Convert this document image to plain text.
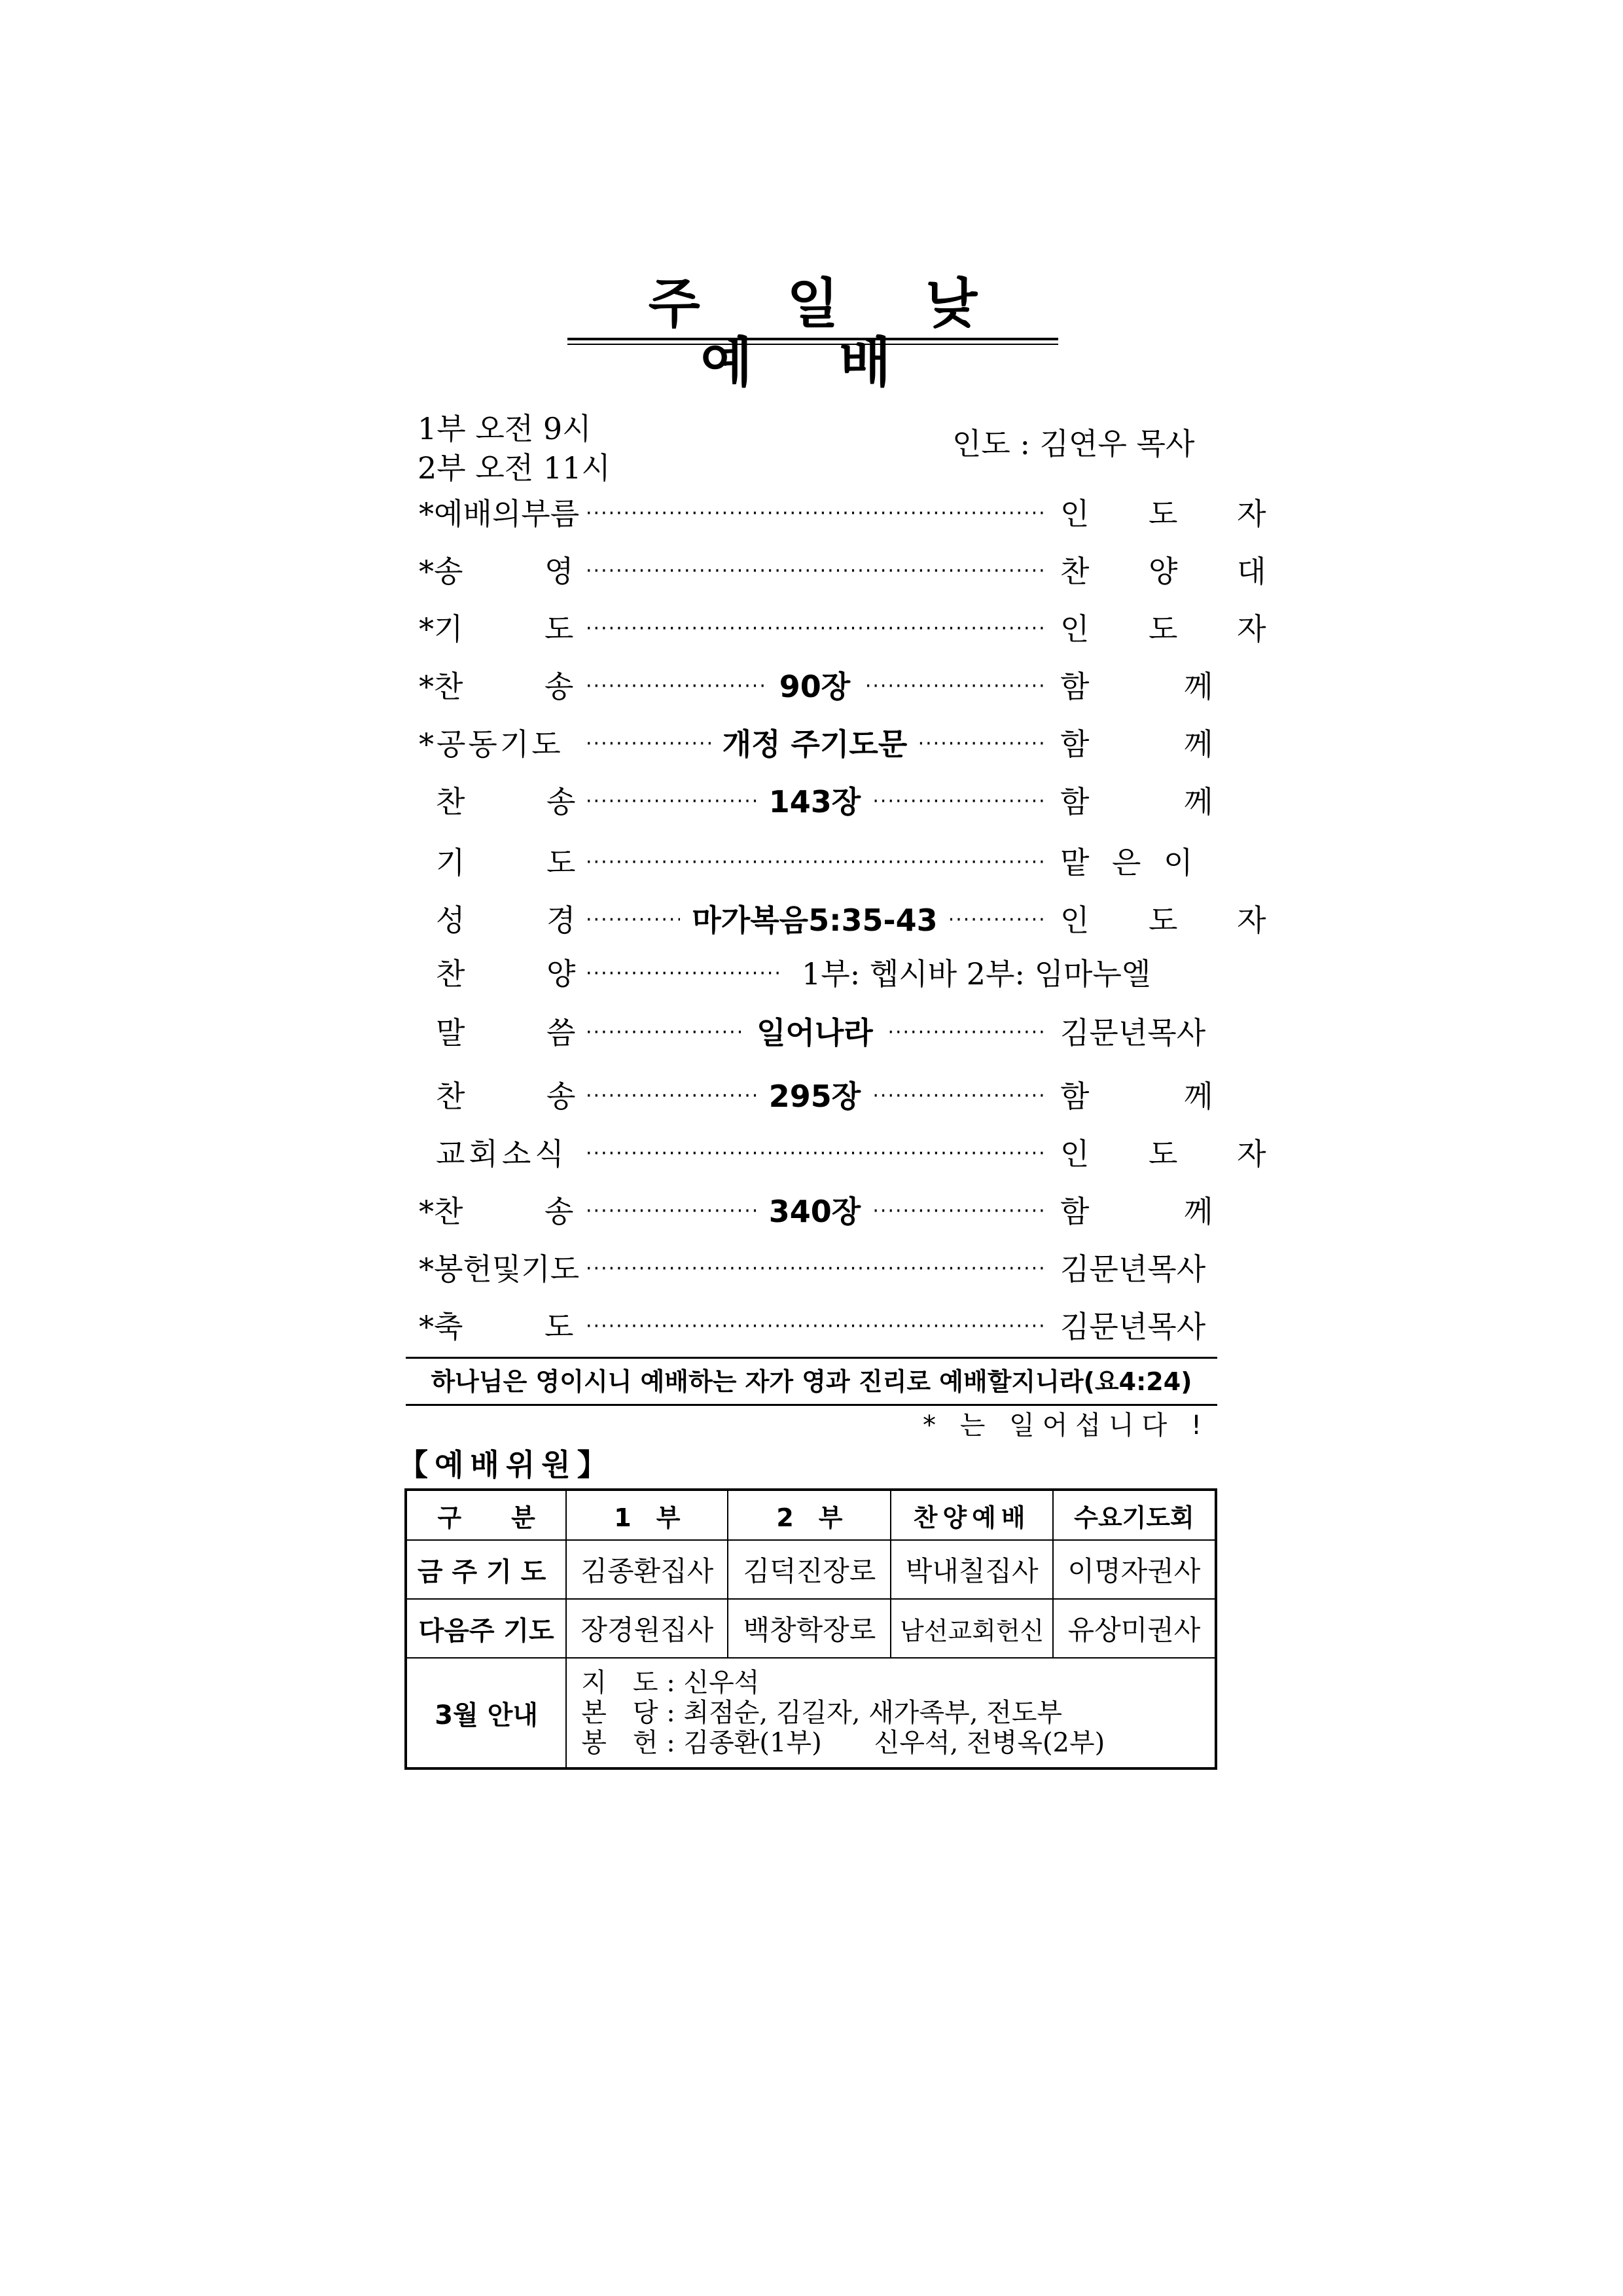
주 일 낮 예 배
1부 오전 9시
2부 오전 11시
인도 : 김연우 목사
*예배의부름 ·····	인 도 자
*송 영 ·····	찬 양 대
*기 도 ·····	인 도 자
*찬 송 ·····	90장	함 께
*공동기도 ·····	개정 주기도문	함 께
찬 송 ·····	143장	함 께
기 도 ·····	맡 은 이
성 경 ·····	마가복음5:35-43	인 도 자
찬 양 ·····	1부: 헵시바 2부: 임마누엘
말 씀 ·····	일어나라	김문년목사
찬 송 ·····	295장	함 께
교회소식 ·····	인 도 자
*찬 송 ·····	340장	함 께
*봉헌및기도 ·····	김문년목사
*축 도 ·····	김문년목사
하나님은 영이시니 예배하는 자가 영과 진리로 예배할지니라(요4:24)
* 는 일어섭니다 !
【예배위원】
구　　분	1　부	2　부	찬양예배	수요기도회
금주기도	김종환집사	김덕진장로	박내칠집사	이명자권사
다음주 기도	장경원집사	백창학장로	남선교회헌신	유상미권사
3월 안내	지　도 : 신우석
본　당 : 최점순, 김길자, 새가족부, 전도부
봉　헌 : 김종환(1부)　　신우석, 전병옥(2부)			
